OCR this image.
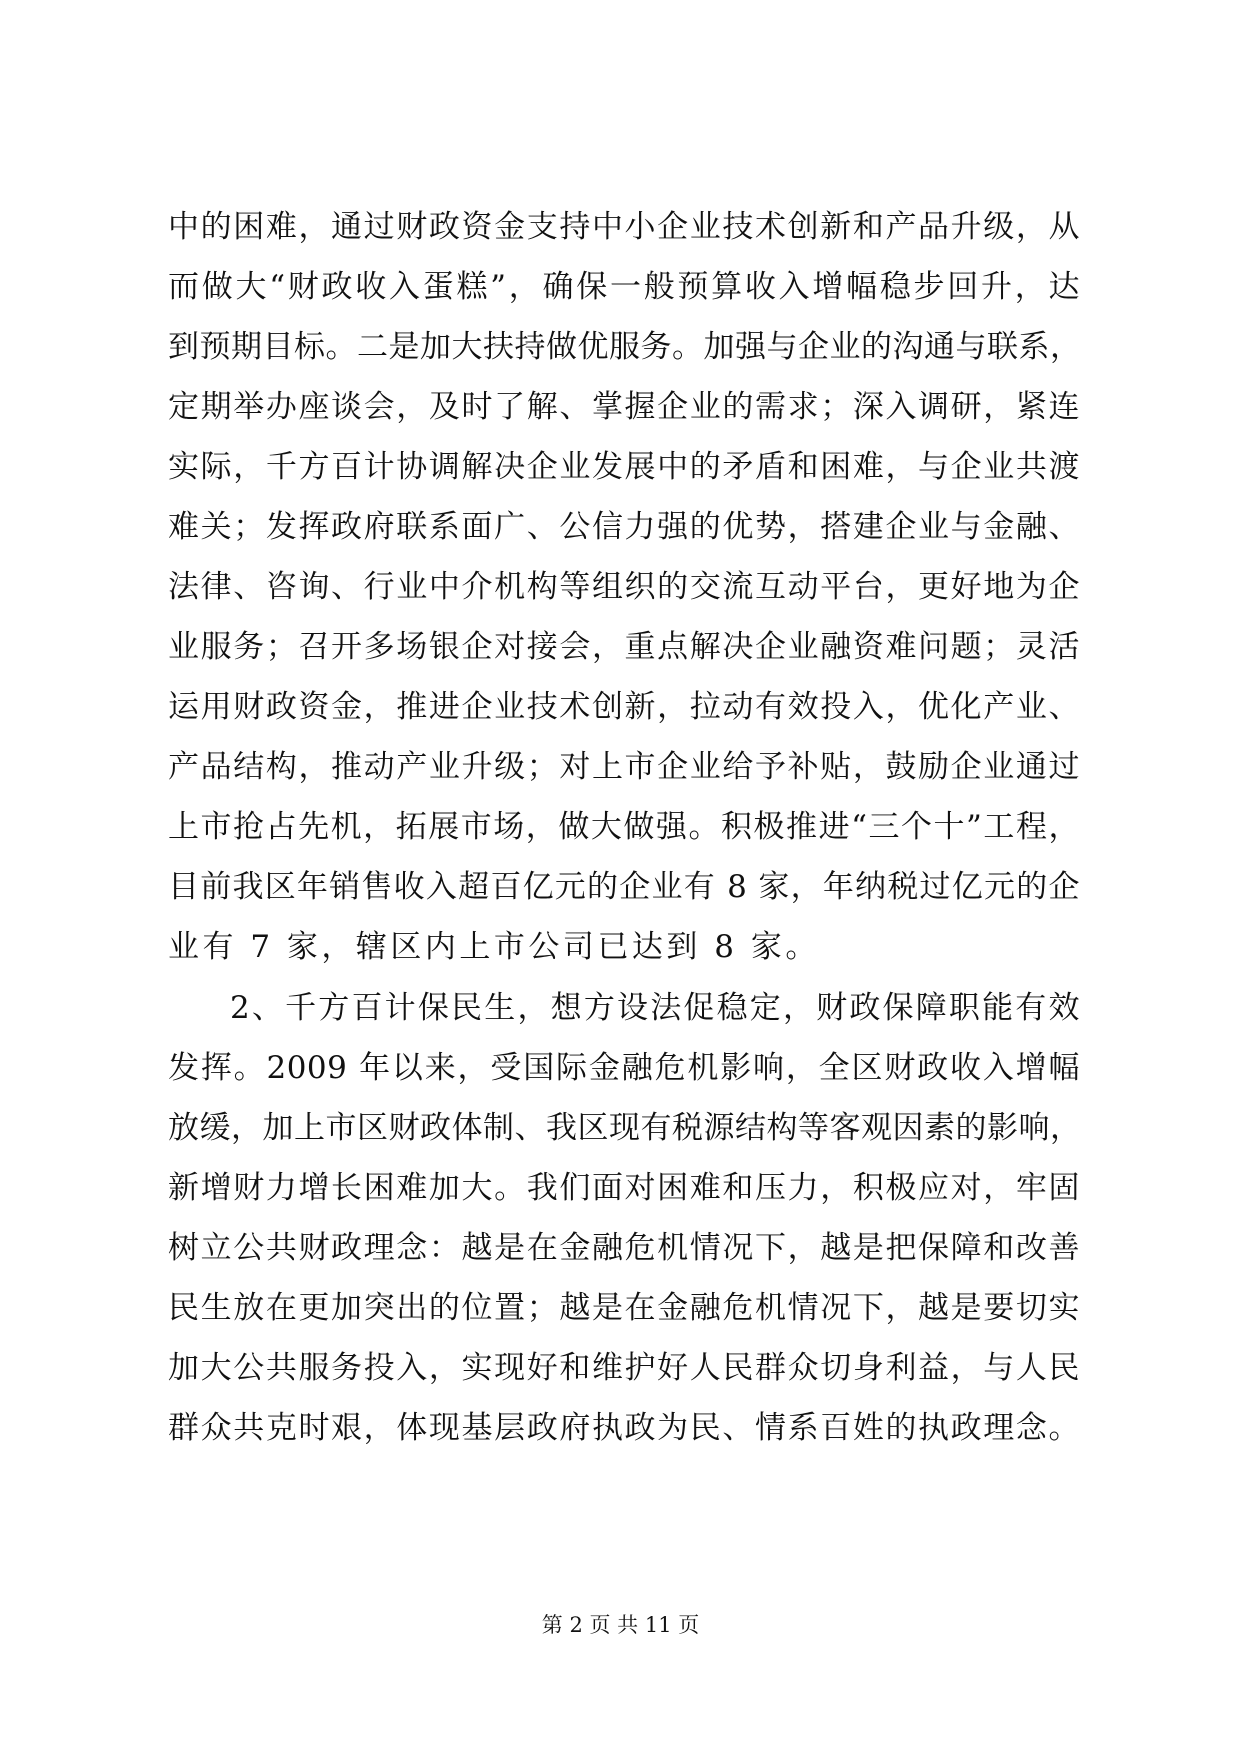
中的困难，通过财政资金支持中小企业技术创新和产品升级，从
而做大“财政收入蛋糕”，确保一般预算收入增幅稳步回升，达
到预期目标。二是加大扶持做优服务。加强与企业的沟通与联系，
定期举办座谈会，及时了解、掌握企业的需求；深入调研，紧连
实际，千方百计协调解决企业发展中的矛盾和困难，与企业共渡
难关；发挥政府联系面广、公信力强的优势，搭建企业与金融、
法律、咨询、行业中介机构等组织的交流互动平台，更好地为企
业服务；召开多场银企对接会，重点解决企业融资难问题；灵活
运用财政资金，推进企业技术创新，拉动有效投入，优化产业、
产品结构，推动产业升级；对上市企业给予补贴，鼓励企业通过
上市抢占先机，拓展市场，做大做强。积极推进“三个十”工程，
目前我区年销售收入超百亿元的企业有 8 家，年纳税过亿元的企
业有 7 家，辖区内上市公司已达到 8 家。
2、千方百计保民生，想方设法促稳定，财政保障职能有效
发挥。2009 年以来，受国际金融危机影响，全区财政收入增幅
放缓，加上市区财政体制、我区现有税源结构等客观因素的影响，
新增财力增长困难加大。我们面对困难和压力，积极应对，牢固
树立公共财政理念：越是在金融危机情况下，越是把保障和改善
民生放在更加突出的位置；越是在金融危机情况下，越是要切实
加大公共服务投入，实现好和维护好人民群众切身利益，与人民
群众共克时艰，体现基层政府执政为民、情系百姓的执政理念。
第 2 页 共 11 页
